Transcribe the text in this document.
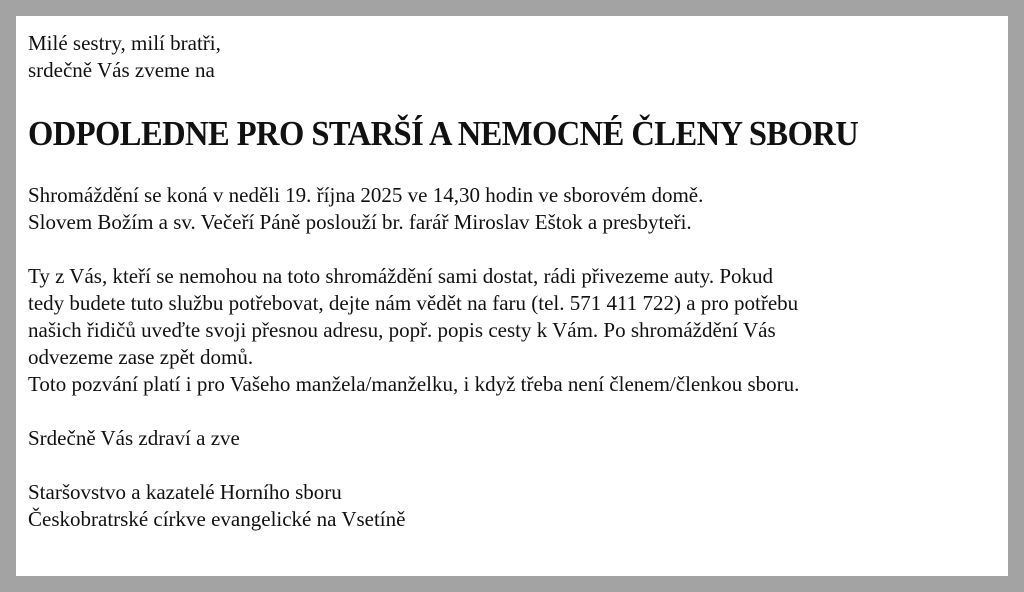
Milé sestry, milí bratři,
srdečně Vás zveme na
ODPOLEDNE PRO STARŠÍ A NEMOCNÉ ČLENY SBORU
Shromáždění se koná v neděli 19. října 2025 ve 14,30 hodin ve sborovém domě.
Slovem Božím a sv. Večeří Páně poslouží br. farář Miroslav Eštok a presbyteři.
Ty z Vás, kteří se nemohou na toto shromáždění sami dostat, rádi přivezeme auty. Pokud
tedy budete tuto službu potřebovat, dejte nám vědět na faru (tel. 571 411 722) a pro potřebu
našich řidičů uveďte svoji přesnou adresu, popř. popis cesty k Vám. Po shromáždění Vás
odvezeme zase zpět domů.
Toto pozvání platí i pro Vašeho manžela/manželku, i když třeba není členem/členkou sboru.
Srdečně Vás zdraví a zve
Staršovstvo a kazatelé Horního sboru
Českobratrské církve evangelické na Vsetíně
